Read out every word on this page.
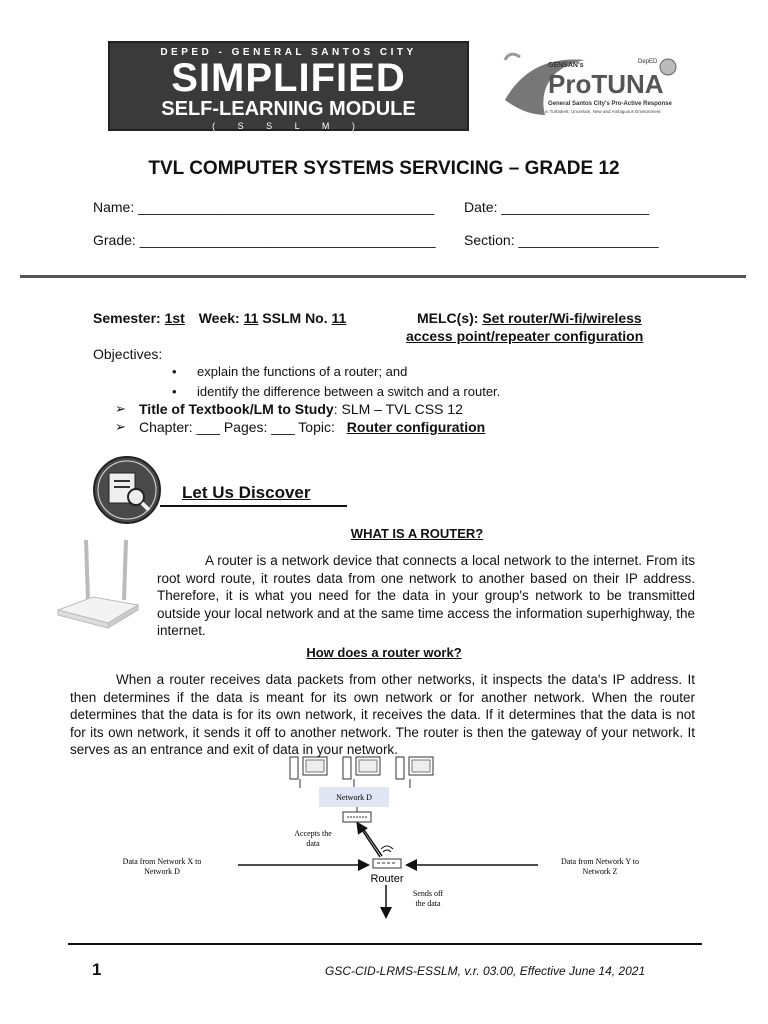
DEPED - GENERAL SANTOS CITY
SIMPLIFIED
SELF-LEARNING MODULE
( S S L M )
GENSAN's	DepED
ProTUNA
General Santos City's Pro-Active Response
in Turbulent, Uncertain, New and Ambiguous Environment
TVL COMPUTER SYSTEMS SERVICING – GRADE 12
Name: ______________________________________ Date: ___________________
Grade: ______________________________________ Section: __________________
Semester: 1st Week: 11 SSLM No. 11	MELC(s): Set router/Wi-fi/wireless
access point/repeater configuration
Objectives:
• explain the functions of a router; and
• identify the difference between a switch and a router.
➢ Title of Textbook/LM to Study: SLM – TVL CSS 12
➢ Chapter: ___ Pages: ___ Topic: Router configuration
Let Us Discover
WHAT IS A ROUTER?
A router is a network device that connects a local network to the internet. From its root word route, it routes data from one network to another based on their IP address. Therefore, it is what you need for the data in your group's network to be transmitted outside your local network and at the same time access the information superhighway, the internet.
How does a router work?
When a router receives data packets from other networks, it inspects the data's IP address. It then determines if the data is meant for its own network or for another network. When the router determines that the data is for its own network, it receives the data. If it determines that the data is not for its own network, it sends it off to another network. The router is then the gateway of your network. It serves as an entrance and exit of data in your network.
Network D
Accepts the
data
Router
Data from Network X to
Network D
Data from Network Y to
Network Z
Sends off
the data
1	GSC-CID-LRMS-ESSLM, v.r. 03.00, Effective June 14, 2021
